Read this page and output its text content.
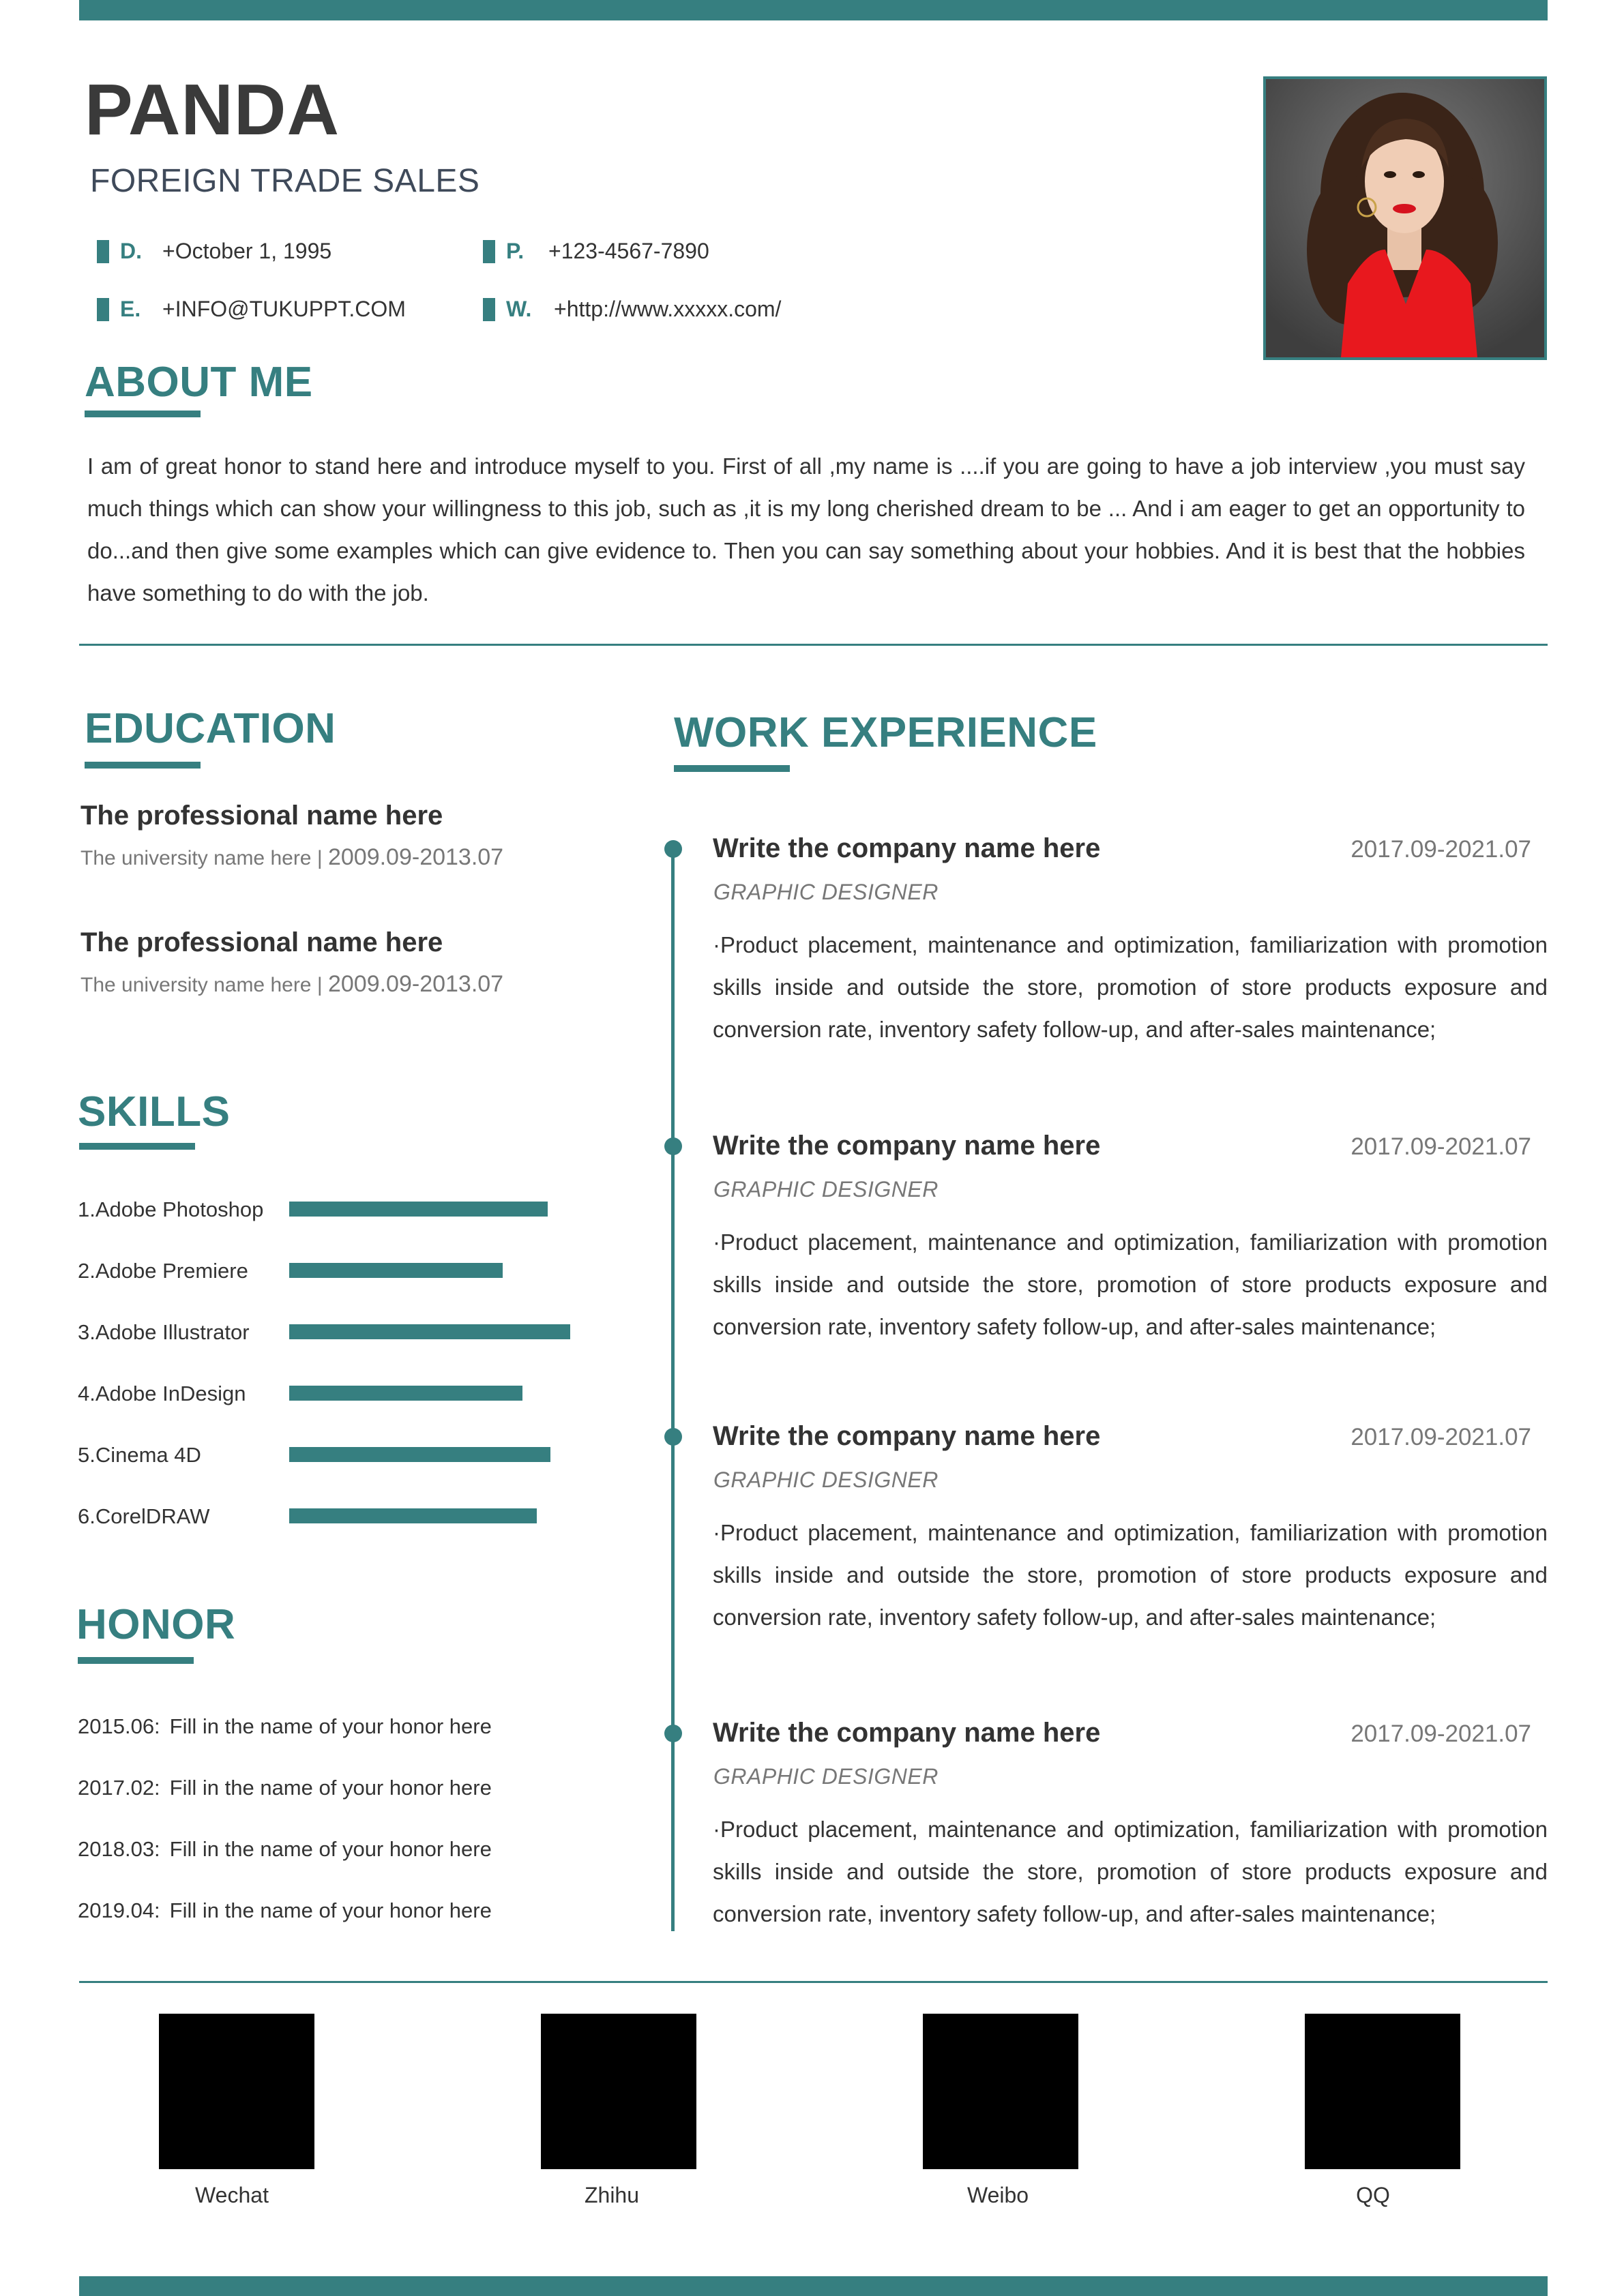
PANDA
FOREIGN TRADE SALES
D. +October 1, 1995	P.	+123-4567-7890
E. +INFO@TUKUPPT.COM	W.	+http://www.xxxxx.com/
ABOUT ME
I am of great honor to stand here and introduce myself to you. First of all ,my name is ....if you are going to have a job interview ,you must say much things which can show your willingness to this job, such as ,it is my long cherished dream to be ... And i am eager to get an opportunity to do...and then give some examples which can give evidence to. Then you can say something about your hobbies. And it is best that the hobbies have something to do with the job.
EDUCATION
The professional name here
The university name here | 2009.09-2013.07
The professional name here
The university name here | 2009.09-2013.07
SKILLS
1.Adobe Photoshop
2.Adobe Premiere
3.Adobe Illustrator
4.Adobe InDesign
5.Cinema 4D
6.CorelDRAW
HONOR
2015.06: Fill in the name of your honor here
2017.02: Fill in the name of your honor here
2018.03: Fill in the name of your honor here
2019.04: Fill in the name of your honor here
WORK EXPERIENCE
Write the company name here	2017.09-2021.07
GRAPHIC DESIGNER
·Product placement, maintenance and optimization, familiarization with promotion skills inside and outside the store, promotion of store products exposure and conversion rate, inventory safety follow-up, and after-sales maintenance;
Write the company name here	2017.09-2021.07
GRAPHIC DESIGNER
·Product placement, maintenance and optimization, familiarization with promotion skills inside and outside the store, promotion of store products exposure and conversion rate, inventory safety follow-up, and after-sales maintenance;
Write the company name here	2017.09-2021.07
GRAPHIC DESIGNER
·Product placement, maintenance and optimization, familiarization with promotion skills inside and outside the store, promotion of store products exposure and conversion rate, inventory safety follow-up, and after-sales maintenance;
Write the company name here	2017.09-2021.07
GRAPHIC DESIGNER
·Product placement, maintenance and optimization, familiarization with promotion skills inside and outside the store, promotion of store products exposure and conversion rate, inventory safety follow-up, and after-sales maintenance;
Wechat	Zhihu	Weibo	QQ
